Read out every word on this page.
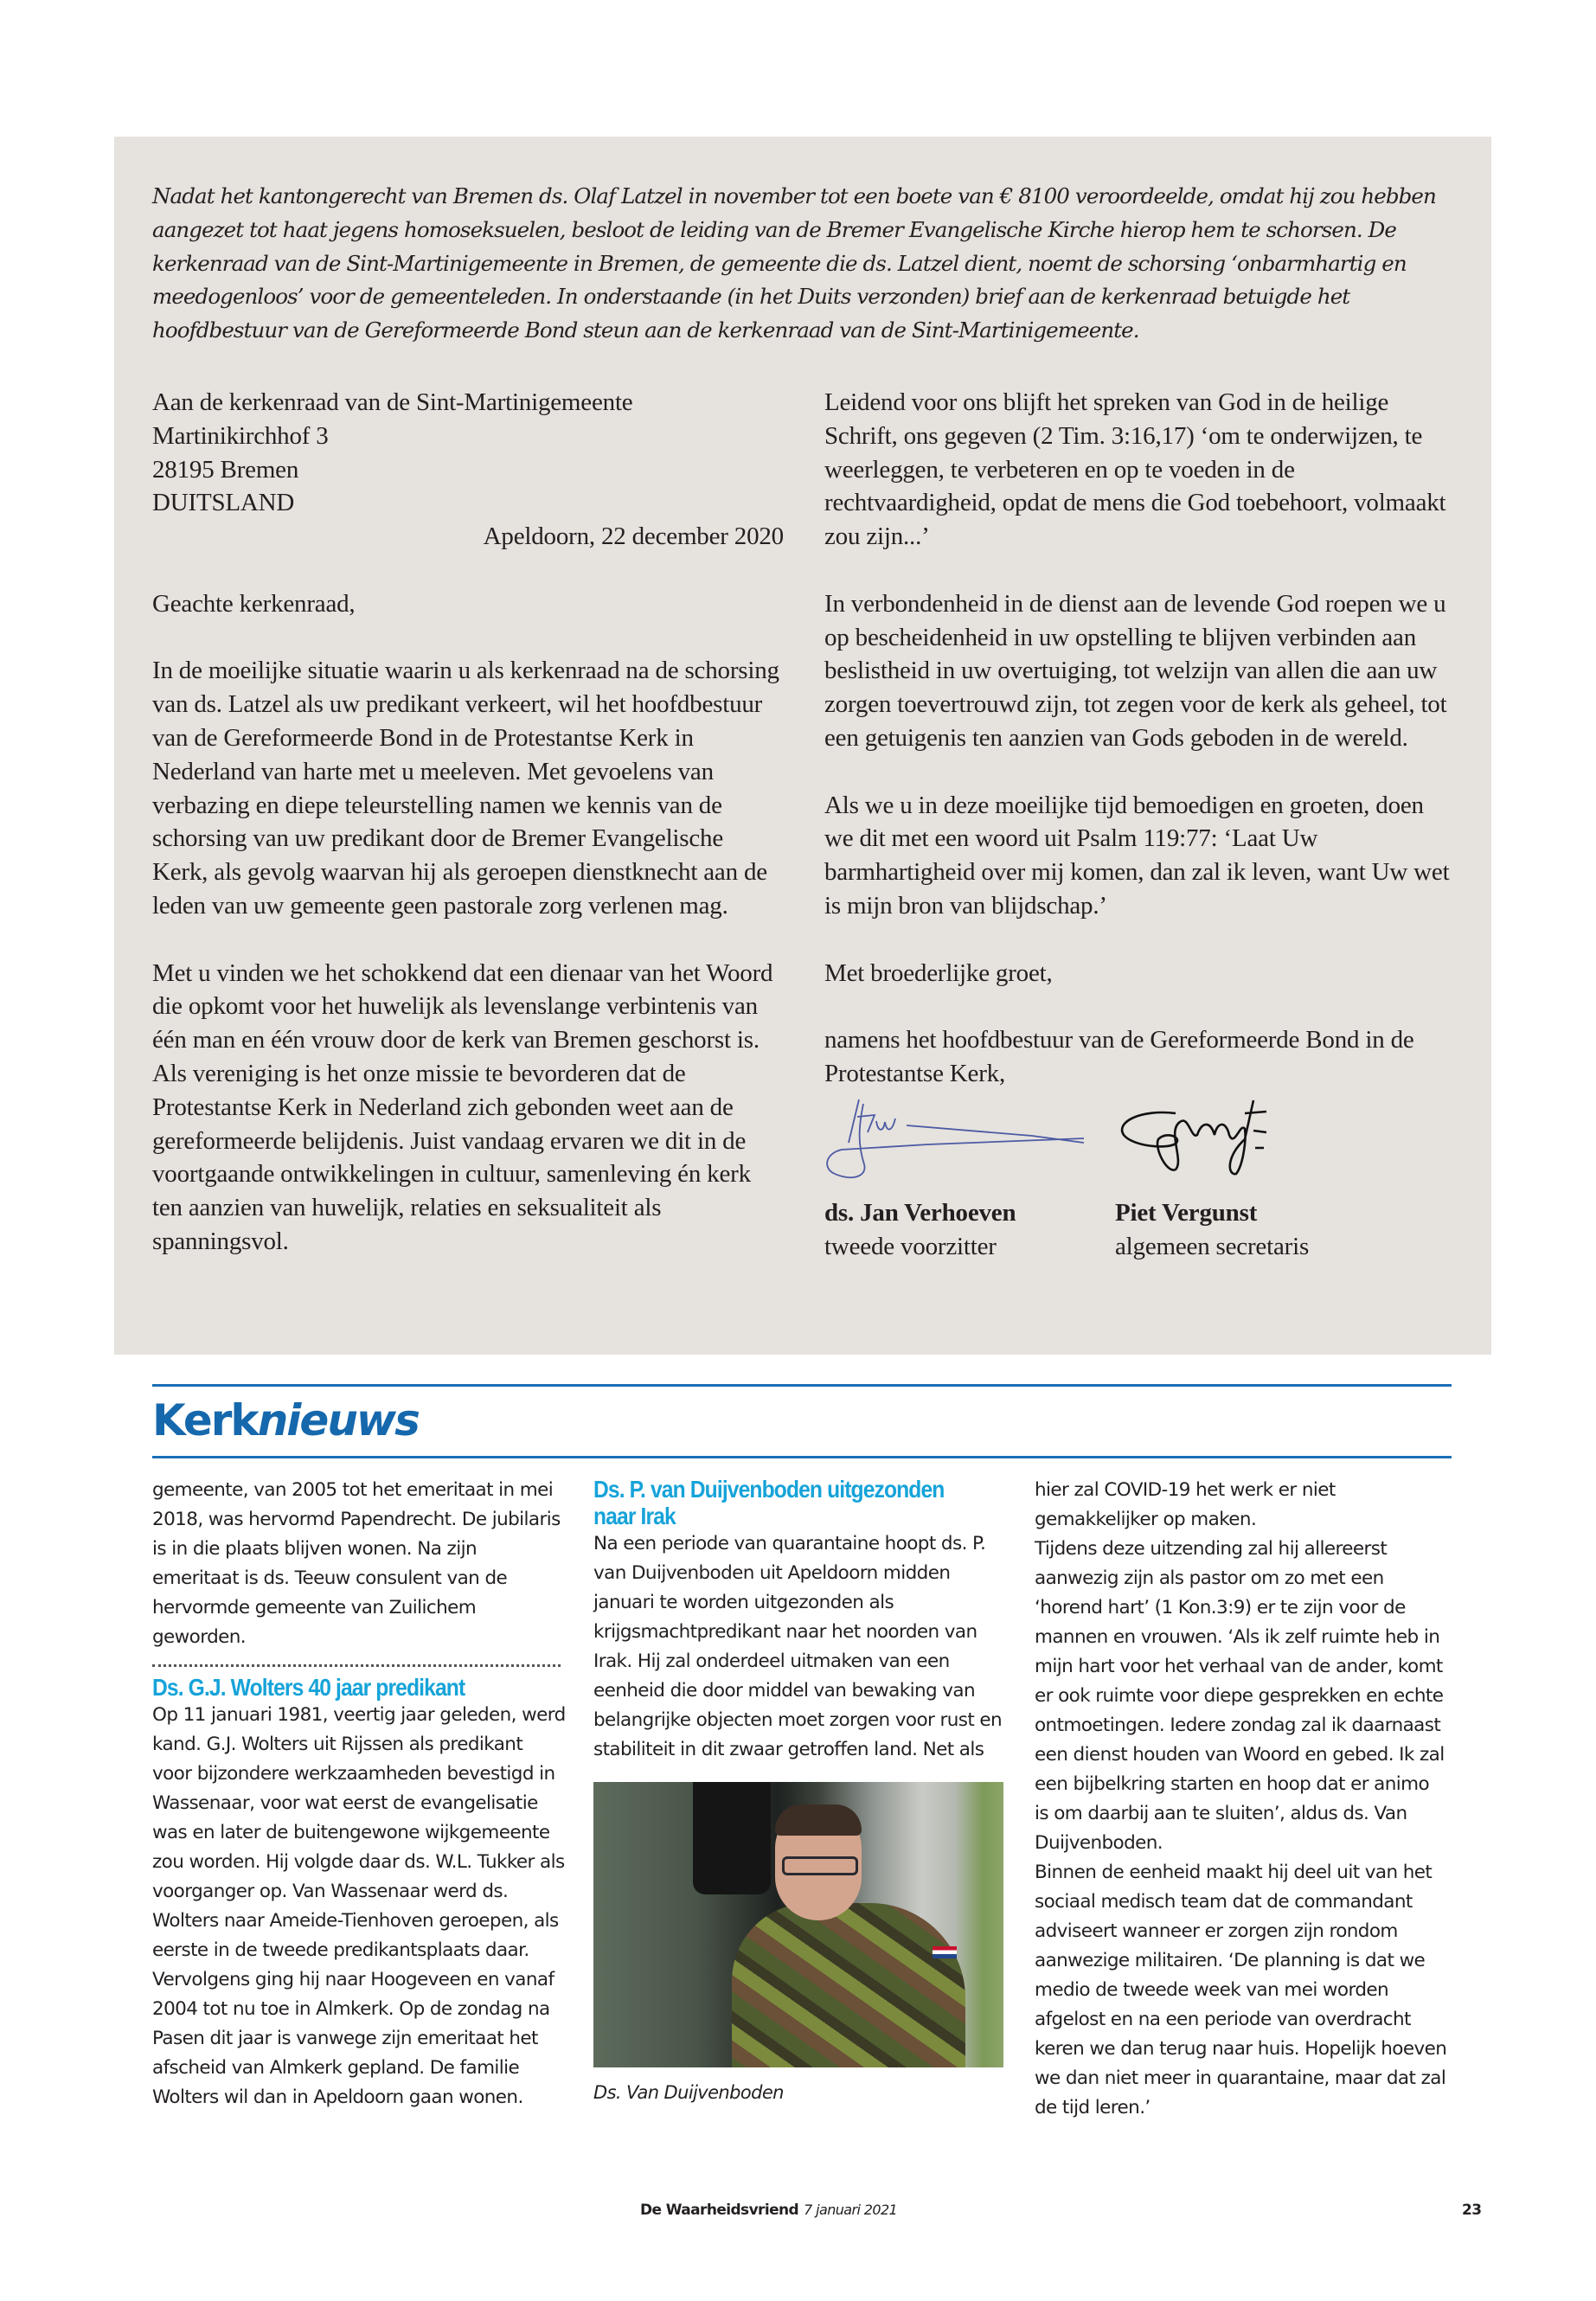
Nadat het kantongerecht van Bremen ds. Olaf Latzel in november tot een boete van € 8100 veroordeelde, omdat hij zou hebben aangezet tot haat jegens homoseksuelen, besloot de leiding van de Bremer Evangelische Kirche hierop hem te schorsen. De kerkenraad van de Sint-Martinigemeente in Bremen, de gemeente die ds. Latzel dient, noemt de schorsing ‘onbarmhartig en meedogenloos’ voor de gemeenteleden. In onderstaande (in het Duits verzonden) brief aan de kerkenraad betuigde het hoofdbestuur van de Gereformeerde Bond steun aan de kerkenraad van de Sint-Martinigemeente.

Aan de kerkenraad van de Sint-Martinigemeente
Martinikirchhof 3
28195 Bremen
DUITSLAND
Apeldoorn, 22 december 2020

Geachte kerkenraad,

In de moeilijke situatie waarin u als kerkenraad na de schorsing van ds. Latzel als uw predikant verkeert, wil het hoofdbestuur van de Gereformeerde Bond in de Protestantse Kerk in Nederland van harte met u meeleven. Met gevoelens van verbazing en diepe teleurstelling namen we kennis van de schorsing van uw predikant door de Bremer Evangelische Kerk, als gevolg waarvan hij als geroepen dienstknecht aan de leden van uw gemeente geen pastorale zorg verlenen mag.

Met u vinden we het schokkend dat een dienaar van het Woord die opkomt voor het huwelijk als levenslange verbintenis van één man en één vrouw door de kerk van Bremen geschorst is. Als vereniging is het onze missie te bevorderen dat de Protestantse Kerk in Nederland zich gebonden weet aan de gereformeerde belijdenis. Juist vandaag ervaren we dit in de voortgaande ontwikkelingen in cultuur, samenleving én kerk ten aanzien van huwelijk, relaties en seksualiteit als spanningsvol.

Leidend voor ons blijft het spreken van God in de heilige Schrift, ons gegeven (2 Tim. 3:16,17) ‘om te onderwijzen, te weerleggen, te verbeteren en op te voeden in de rechtvaardigheid, opdat de mens die God toebehoort, volmaakt zou zijn...’

In verbondenheid in de dienst aan de levende God roepen we u op bescheidenheid in uw opstelling te blijven verbinden aan beslistheid in uw overtuiging, tot welzijn van allen die aan uw zorgen toevertrouwd zijn, tot zegen voor de kerk als geheel, tot een getuigenis ten aanzien van Gods geboden in de wereld.

Als we u in deze moeilijke tijd bemoedigen en groeten, doen we dit met een woord uit Psalm 119:77: ‘Laat Uw barmhartigheid over mij komen, dan zal ik leven, want Uw wet is mijn bron van blijdschap.’

Met broederlijke groet,

namens het hoofdbestuur van de Gereformeerde Bond in de Protestantse Kerk,

ds. Jan Verhoeven
tweede voorzitter
Piet Vergunst
algemeen secretaris
Kerknieuws

gemeente, van 2005 tot het emeritaat in mei 2018, was hervormd Papendrecht. De jubilaris is in die plaats blijven wonen. Na zijn emeritaat is ds. Teeuw consulent van de hervormde gemeente van Zuilichem geworden.

Ds. G.J. Wolters 40 jaar predikant

Op 11 januari 1981, veertig jaar geleden, werd kand. G.J. Wolters uit Rijssen als predikant voor bijzondere werkzaamheden bevestigd in Wassenaar, voor wat eerst de evangelisatie was en later de buitengewone wijkgemeente zou worden. Hij volgde daar ds. W.L. Tukker als voorganger op. Van Wassenaar werd ds. Wolters naar Ameide-Tienhoven geroepen, als eerste in de tweede predikantsplaats daar. Vervolgens ging hij naar Hoogeveen en vanaf 2004 tot nu toe in Almkerk. Op de zondag na Pasen dit jaar is vanwege zijn emeritaat het afscheid van Almkerk gepland. De familie Wolters wil dan in Apeldoorn gaan wonen.

Ds. P. van Duijvenboden uitgezonden naar Irak

Na een periode van quarantaine hoopt ds. P. van Duijvenboden uit Apeldoorn midden januari te worden uitgezonden als krijgsmachtpredikant naar het noorden van Irak. Hij zal onderdeel uitmaken van een eenheid die door middel van bewaking van belangrijke objecten moet zorgen voor rust en stabiliteit in dit zwaar getroffen land. Net als

Ds. Van Duijvenboden

hier zal COVID-19 het werk er niet gemakkelijker op maken.

Tijdens deze uitzending zal hij allereerst aanwezig zijn als pastor om zo met een ‘horend hart’ (1 Kon.3:9) er te zijn voor de mannen en vrouwen. ‘Als ik zelf ruimte heb in mijn hart voor het verhaal van de ander, komt er ook ruimte voor diepe gesprekken en echte ontmoetingen. Iedere zondag zal ik daarnaast een dienst houden van Woord en gebed. Ik zal een bijbelkring starten en hoop dat er animo is om daarbij aan te sluiten’, aldus ds. Van Duijvenboden.

Binnen de eenheid maakt hij deel uit van het sociaal medisch team dat de commandant adviseert wanneer er zorgen zijn rondom aanwezige militairen. ‘De planning is dat we medio de tweede week van mei worden afgelost en na een periode van overdracht keren we dan terug naar huis. Hopelijk hoeven we dan niet meer in quarantaine, maar dat zal de tijd leren.’

De Waarheidsvriend 7 januari 2021	23
